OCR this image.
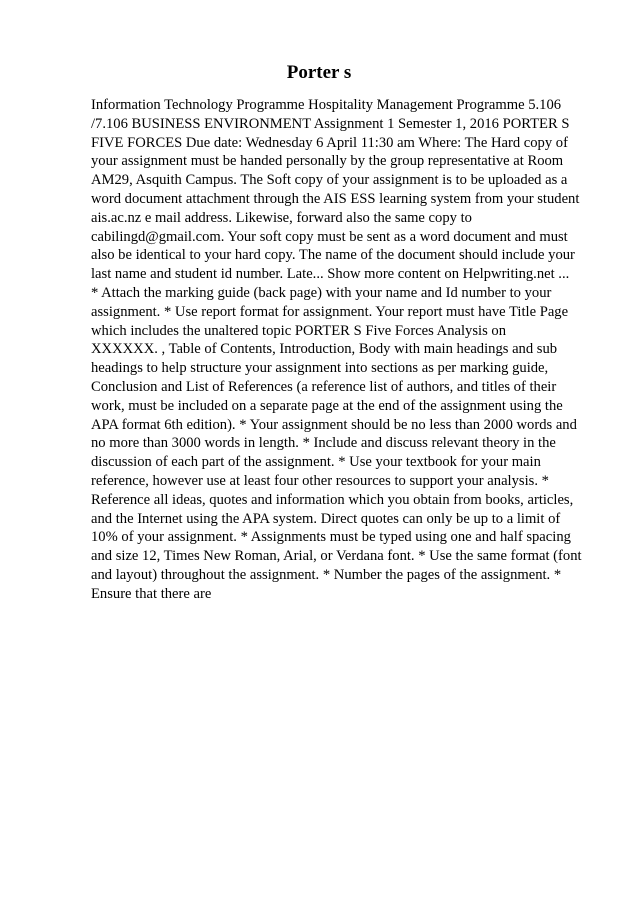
Porter s
Information Technology Programme Hospitality Management Programme 5.106
/7.106 BUSINESS ENVIRONMENT Assignment 1 Semester 1, 2016 PORTER S
FIVE FORCES Due date: Wednesday 6 April 11:30 am Where: The Hard copy of
your assignment must be handed personally by the group representative at Room
AM29, Asquith Campus. The Soft copy of your assignment is to be uploaded as a
word document attachment through the AIS ESS learning system from your student
ais.ac.nz e mail address. Likewise, forward also the same copy to
cabilingd@gmail.com. Your soft copy must be sent as a word document and must
also be identical to your hard copy. The name of the document should include your
last name and student id number. Late... Show more content on Helpwriting.net ...
* Attach the marking guide (back page) with your name and Id number to your
assignment. * Use report format for assignment. Your report must have Title Page
which includes the unaltered topic PORTER S Five Forces Analysis on
XXXXXX. , Table of Contents, Introduction, Body with main headings and sub
headings to help structure your assignment into sections as per marking guide,
Conclusion and List of References (a reference list of authors, and titles of their
work, must be included on a separate page at the end of the assignment using the
APA format 6th edition). * Your assignment should be no less than 2000 words and
no more than 3000 words in length. * Include and discuss relevant theory in the
discussion of each part of the assignment. * Use your textbook for your main
reference, however use at least four other resources to support your analysis. *
Reference all ideas, quotes and information which you obtain from books, articles,
and the Internet using the APA system. Direct quotes can only be up to a limit of
10% of your assignment. * Assignments must be typed using one and half spacing
and size 12, Times New Roman, Arial, or Verdana font. * Use the same format (font
and layout) throughout the assignment. * Number the pages of the assignment. *
Ensure that there are
